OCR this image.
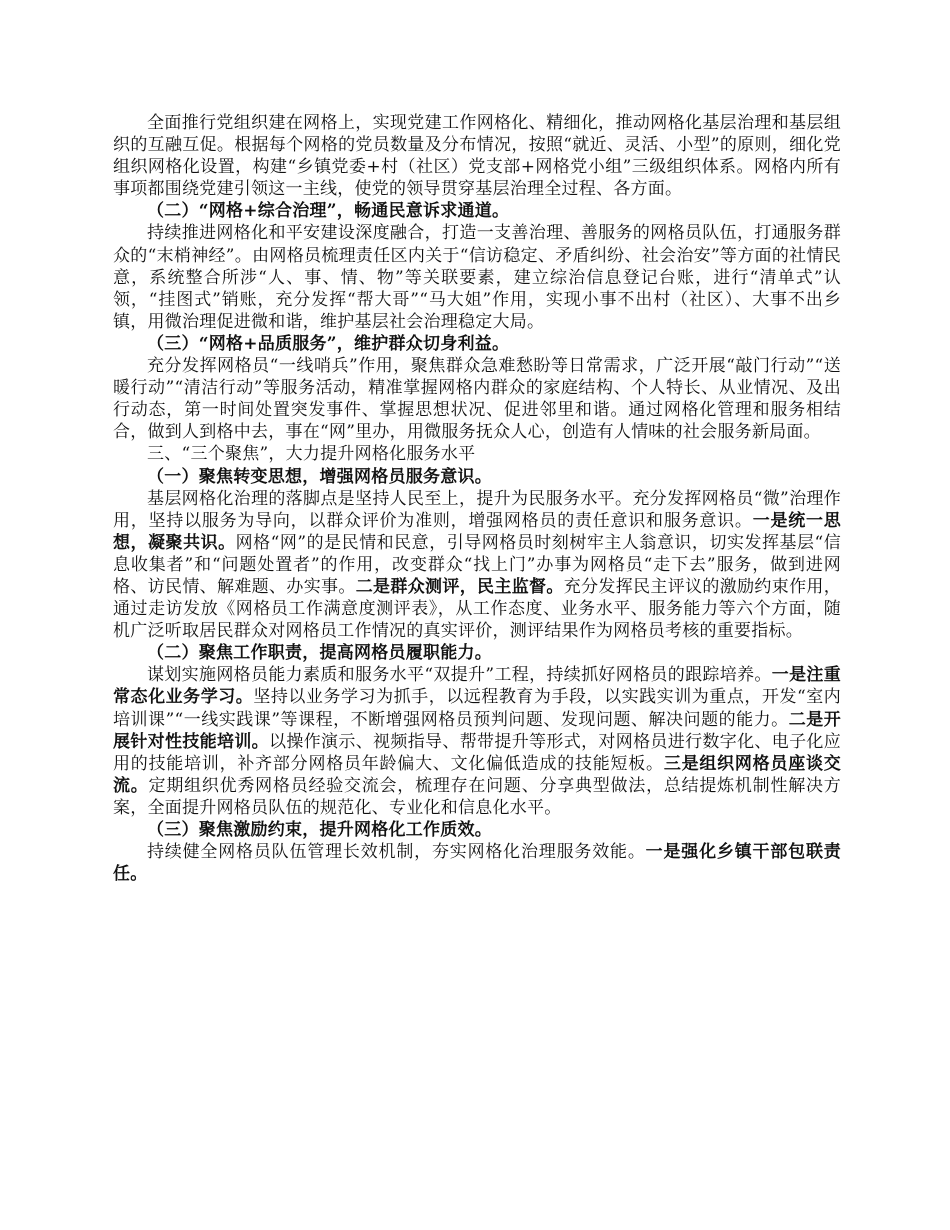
全面推行党组织建在网格上，实现党建工作网格化、精细化，推动网格化基层治理和基层组织的互融互促。根据每个网格的党员数量及分布情况，按照“就近、灵活、小型”的原则，细化党组织网格化设置，构建“乡镇党委+村（社区）党支部+网格党小组”三级组织体系。网格内所有事项都围绕党建引领这一主线，使党的领导贯穿基层治理全过程、各方面。

（二）“网格+综合治理”，畅通民意诉求通道。

持续推进网格化和平安建设深度融合，打造一支善治理、善服务的网格员队伍，打通服务群众的“末梢神经”。由网格员梳理责任区内关于“信访稳定、矛盾纠纷、社会治安”等方面的社情民意，系统整合所涉“人、事、情、物”等关联要素，建立综治信息登记台账，进行“清单式”认领，“挂图式”销账，充分发挥“帮大哥”“马大姐”作用，实现小事不出村（社区）、大事不出乡镇，用微治理促进微和谐，维护基层社会治理稳定大局。

（三）“网格+品质服务”，维护群众切身利益。

充分发挥网格员“一线哨兵”作用，聚焦群众急难愁盼等日常需求，广泛开展“敲门行动”“送暖行动”“清洁行动”等服务活动，精准掌握网格内群众的家庭结构、个人特长、从业情况、及出行动态，第一时间处置突发事件、掌握思想状况、促进邻里和谐。通过网格化管理和服务相结合，做到人到格中去，事在“网”里办，用微服务抚众人心，创造有人情味的社会服务新局面。

三、“三个聚焦”，大力提升网格化服务水平

（一）聚焦转变思想，增强网格员服务意识。

基层网格化治理的落脚点是坚持人民至上，提升为民服务水平。充分发挥网格员“微”治理作用，坚持以服务为导向，以群众评价为准则，增强网格员的责任意识和服务意识。一是统一思想，凝聚共识。网格“网”的是民情和民意，引导网格员时刻树牢主人翁意识，切实发挥基层“信息收集者”和“问题处置者”的作用，改变群众“找上门”办事为网格员“走下去”服务，做到进网格、访民情、解难题、办实事。二是群众测评，民主监督。充分发挥民主评议的激励约束作用，通过走访发放《网格员工作满意度测评表》，从工作态度、业务水平、服务能力等六个方面，随机广泛听取居民群众对网格员工作情况的真实评价，测评结果作为网格员考核的重要指标。

（二）聚焦工作职责，提高网格员履职能力。

谋划实施网格员能力素质和服务水平“双提升”工程，持续抓好网格员的跟踪培养。一是注重常态化业务学习。坚持以业务学习为抓手，以远程教育为手段，以实践实训为重点，开发“室内培训课”“一线实践课”等课程，不断增强网格员预判问题、发现问题、解决问题的能力。二是开展针对性技能培训。以操作演示、视频指导、帮带提升等形式，对网格员进行数字化、电子化应用的技能培训，补齐部分网格员年龄偏大、文化偏低造成的技能短板。三是组织网格员座谈交流。定期组织优秀网格员经验交流会，梳理存在问题、分享典型做法，总结提炼机制性解决方案，全面提升网格员队伍的规范化、专业化和信息化水平。

（三）聚焦激励约束，提升网格化工作质效。

持续健全网格员队伍管理长效机制，夯实网格化治理服务效能。一是强化乡镇干部包联责任。
